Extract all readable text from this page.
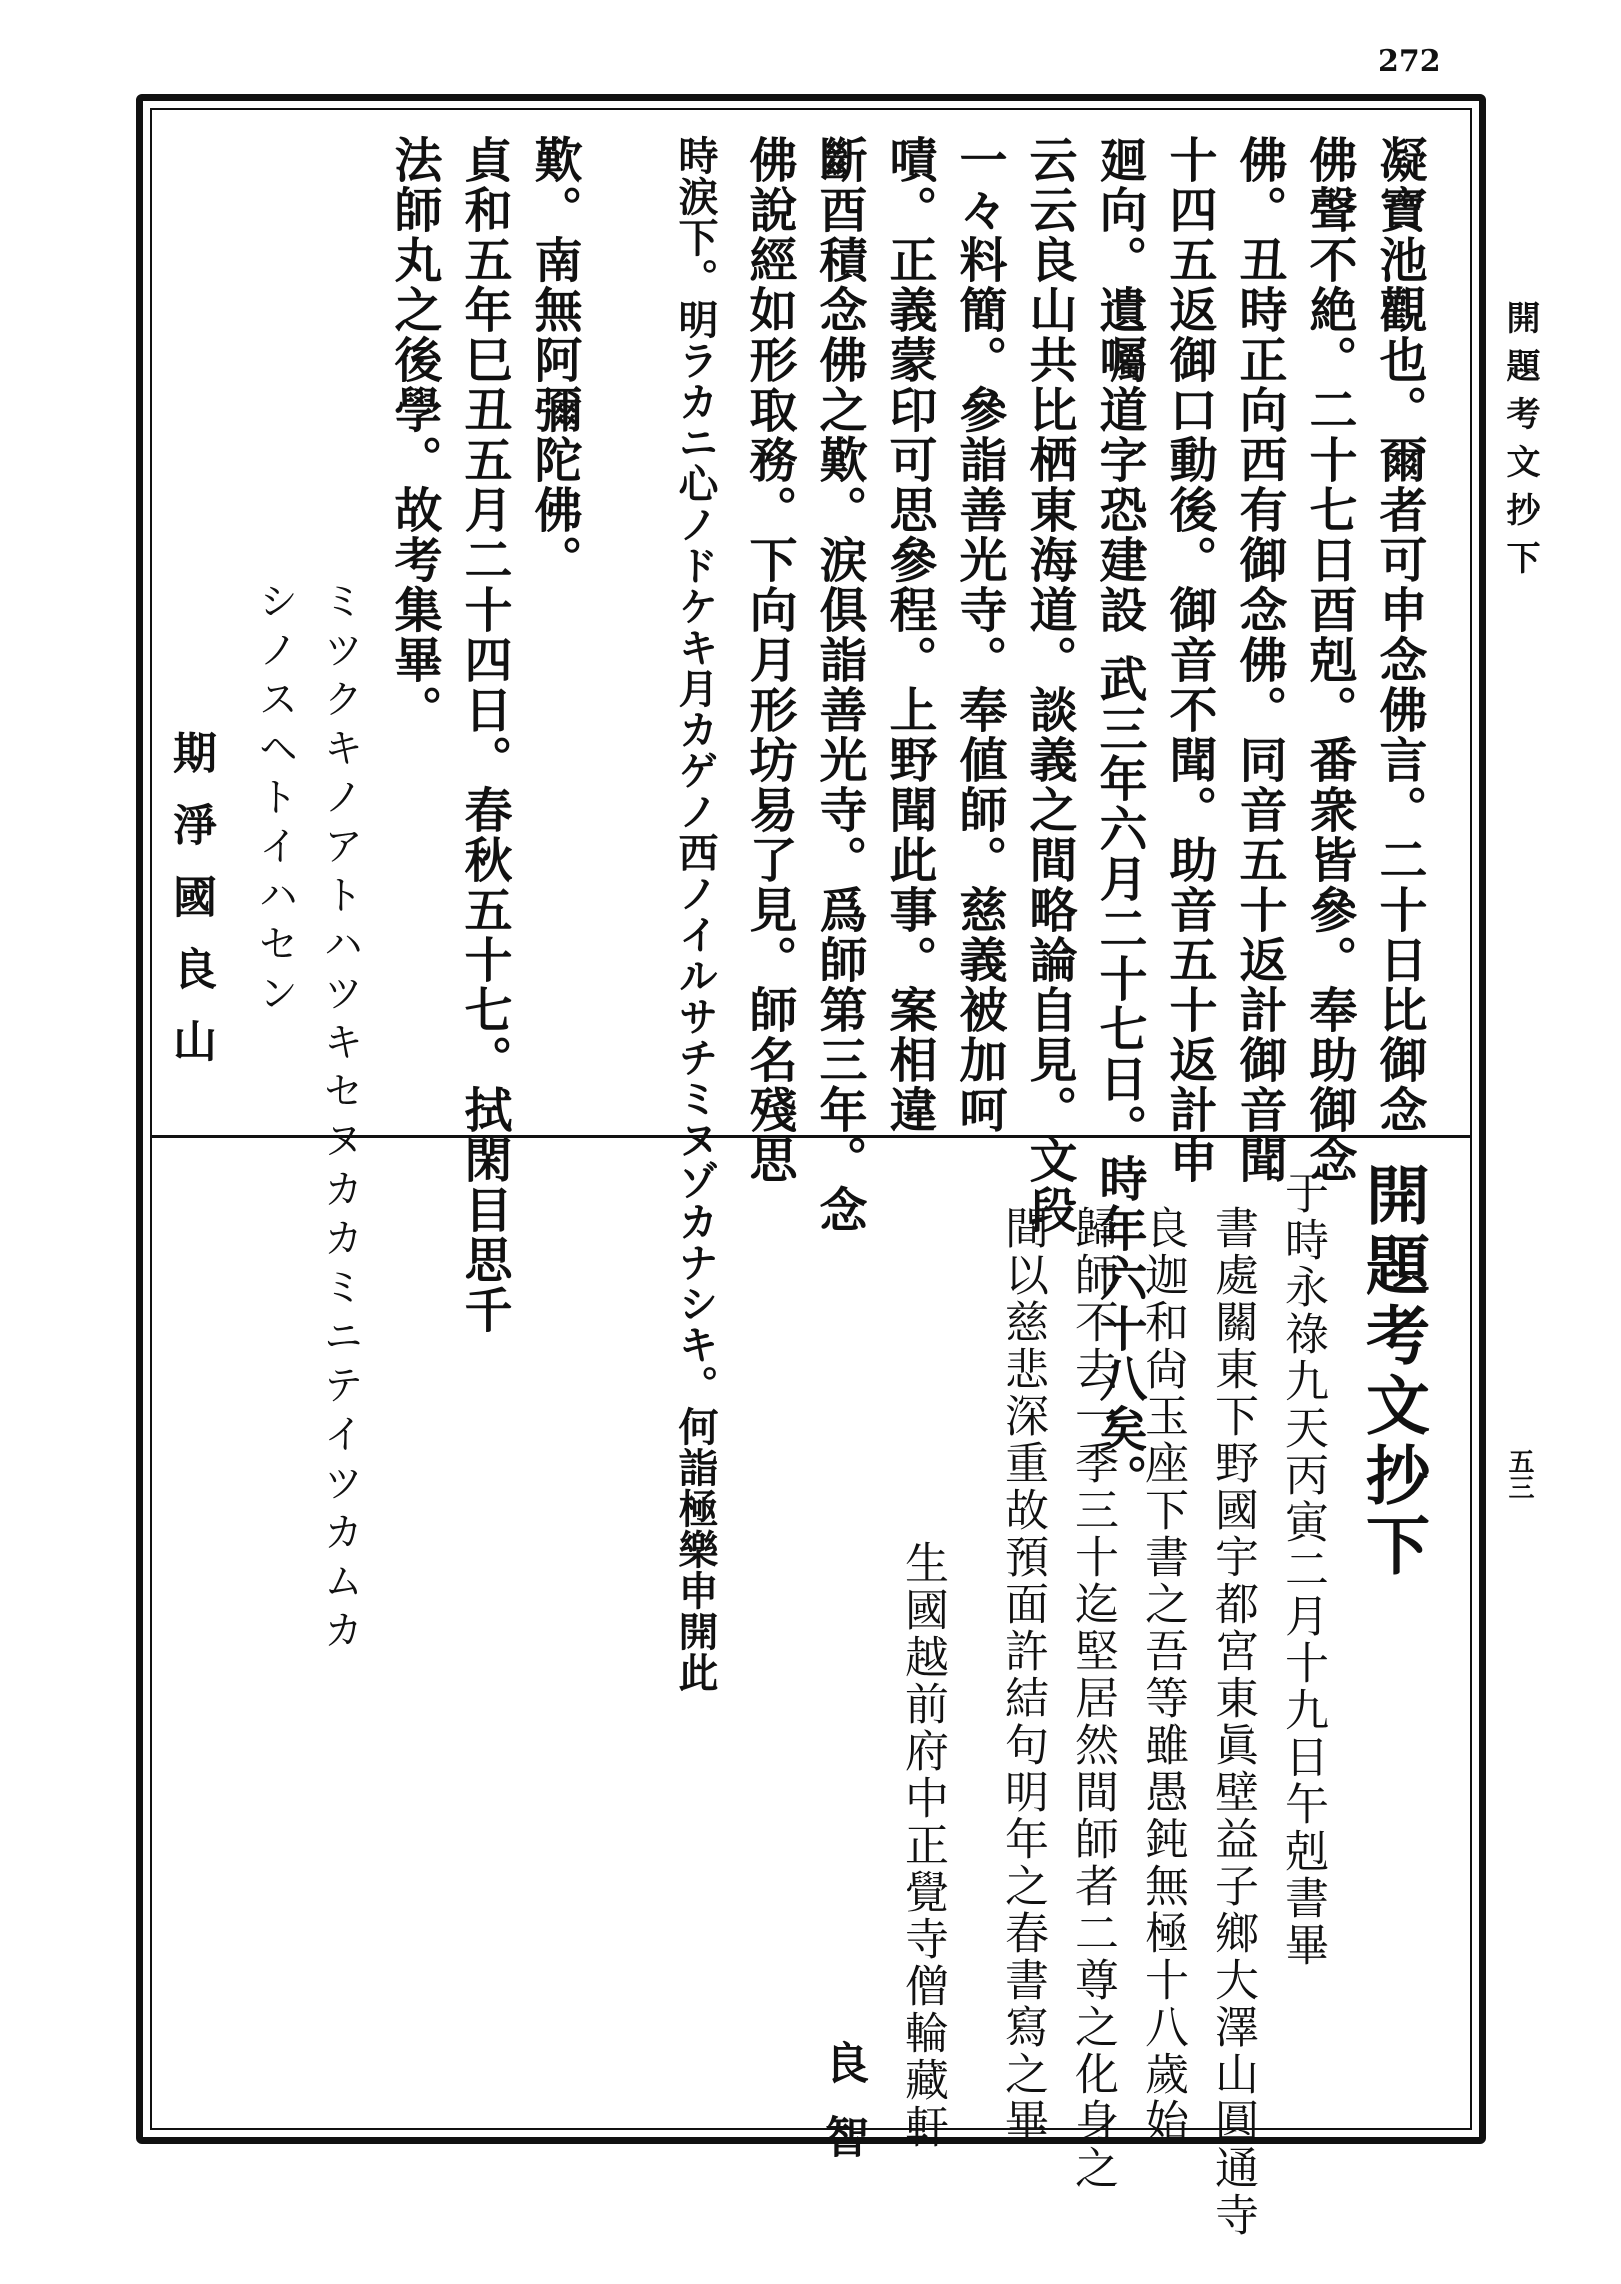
272
開題考文抄下
五三
凝寶池觀也。爾者可申念佛言。二十日比御念
佛聲不絶。二十七日酉剋。番衆皆參。奉助御念
佛。丑時正向西有御念佛。同音五十返計御音聞
十四五返御口動後。御音不聞。助音五十返計申
廻向。遺囑道字恐建設 武三年六月二十七日。時年六十八矣。
云云良山共比栖東海道。談義之間略論自見。文段
一々料簡。參詣善光寺。奉値師。慈義被加呵
嘖。正義蒙印可思參程。上野聞此事。案相違
斷酉積念佛之歎。涙俱詣善光寺。爲師第三年。念
佛說經如形取務。下向月形坊易了見。師名殘思
時涙下。明ラカニ心ノドケキ月カゲノ西ノイルサチミヌゾカナシキ。何詣極樂申開此
歎。南無阿彌陀佛。
貞和五年巳丑五月二十四日。春秋五十七。拭閑目思千
法師丸之後學。故考集畢。
ミツクキノアトハツキセヌカカミニテイツカムカ
シノスヘトイハセン
期淨國良山
開題考文抄下
于時永祿九天丙寅二月十九日午剋書畢
書處關東下野國宇都宮東眞壁益子鄉大澤山圓通寺
良迦和尙玉座下書之吾等雖愚鈍無極十八歲始
歸師不去一季三十迄堅居然間師者二尊之化身之
間以慈悲深重故預面許結句明年之春書寫之畢
生國越前府中正覺寺僧輪藏軒
良智
